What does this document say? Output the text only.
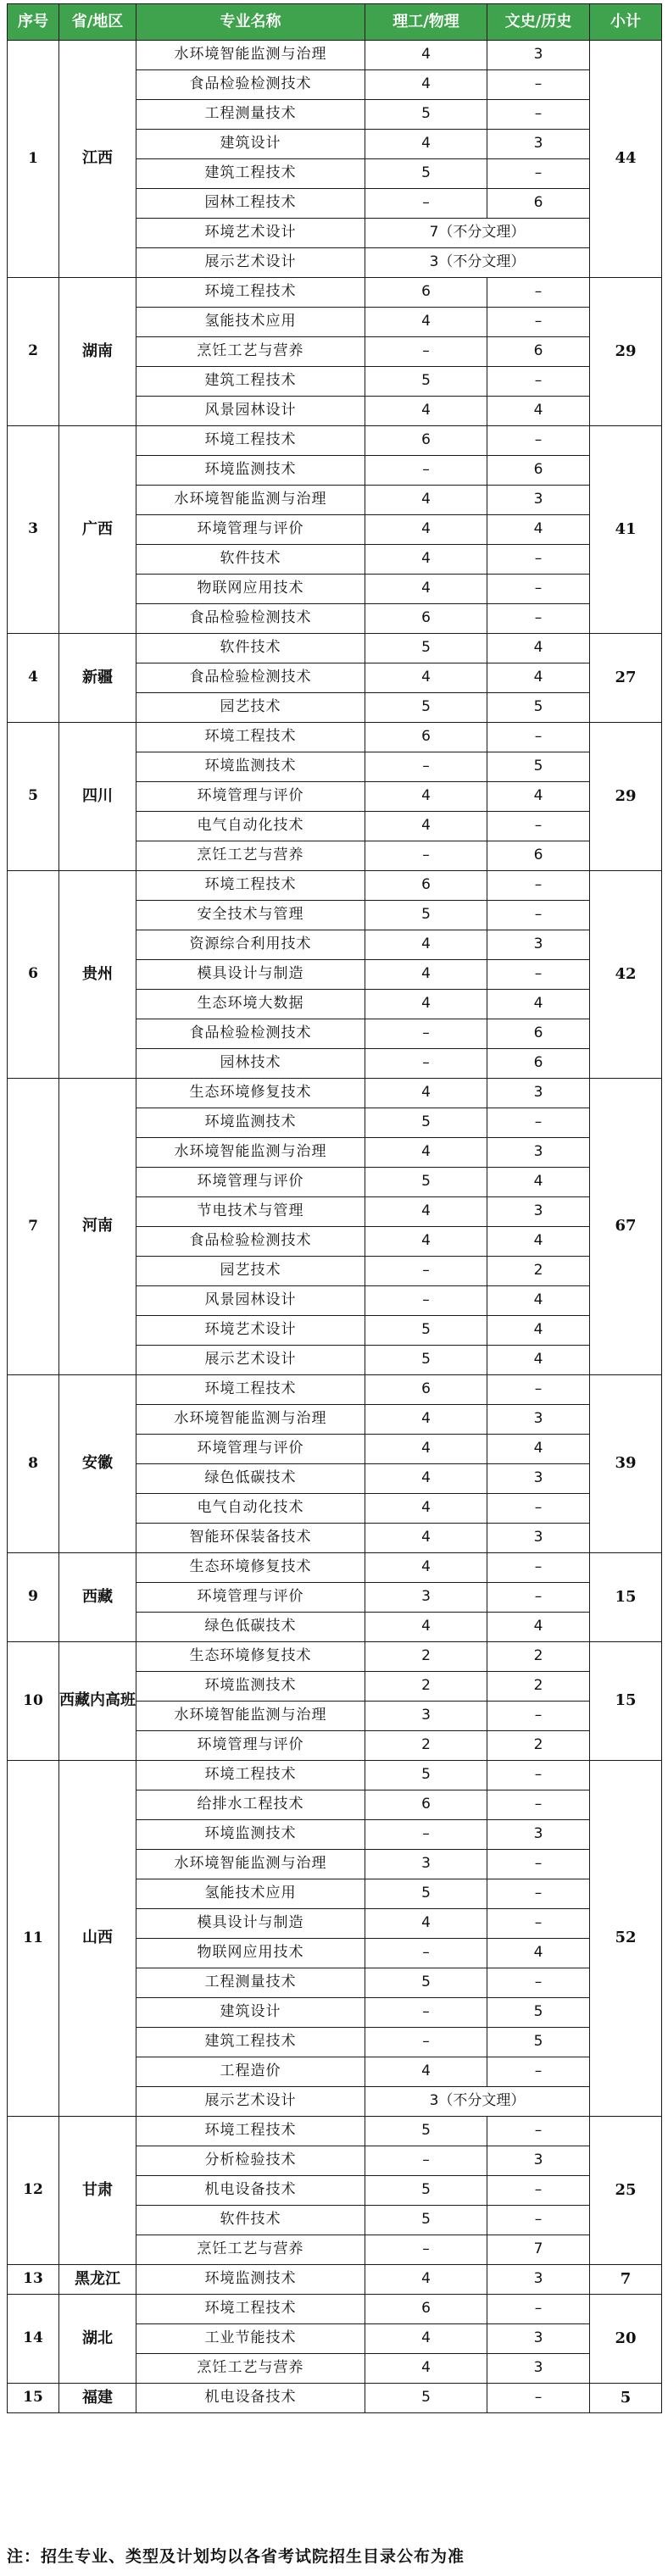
序号	省/地区	专业名称	理工/物理	文史/历史	小计
1	江西	水环境智能监测与治理	4	3	44
		食品检验检测技术	4	–	
		工程测量技术	5	–	
		建筑设计	4	3	
		建筑工程技术	5	–	
		园林工程技术	–	6	
		环境艺术设计	7（不分文理）		
		展示艺术设计	3（不分文理）		
2	湖南	环境工程技术	6	–	29
		氢能技术应用	4	–	
		烹饪工艺与营养	–	6	
		建筑工程技术	5	–	
		风景园林设计	4	4	
3	广西	环境工程技术	6	–	41
		环境监测技术	–	6	
		水环境智能监测与治理	4	3	
		环境管理与评价	4	4	
		软件技术	4	–	
		物联网应用技术	4	–	
		食品检验检测技术	6	–	
4	新疆	软件技术	5	4	27
		食品检验检测技术	4	4	
		园艺技术	5	5	
5	四川	环境工程技术	6	–	29
		环境监测技术	–	5	
		环境管理与评价	4	4	
		电气自动化技术	4	–	
		烹饪工艺与营养	–	6	
6	贵州	环境工程技术	6	–	42
		安全技术与管理	5	–	
		资源综合利用技术	4	3	
		模具设计与制造	4	–	
		生态环境大数据	4	4	
		食品检验检测技术	–	6	
		园林技术	–	6	
7	河南	生态环境修复技术	4	3	67
		环境监测技术	5	–	
		水环境智能监测与治理	4	3	
		环境管理与评价	5	4	
		节电技术与管理	4	3	
		食品检验检测技术	4	4	
		园艺技术	–	2	
		风景园林设计	–	4	
		环境艺术设计	5	4	
		展示艺术设计	5	4	
8	安徽	环境工程技术	6	–	39
		水环境智能监测与治理	4	3	
		环境管理与评价	4	4	
		绿色低碳技术	4	3	
		电气自动化技术	4	–	
		智能环保装备技术	4	3	
9	西藏	生态环境修复技术	4	–	15
		环境管理与评价	3	–	
		绿色低碳技术	4	4	
10	西藏内高班	生态环境修复技术	2	2	15
		环境监测技术	2	2	
		水环境智能监测与治理	3	–	
		环境管理与评价	2	2	
11	山西	环境工程技术	5	–	52
		给排水工程技术	6	–	
		环境监测技术	–	3	
		水环境智能监测与治理	3	–	
		氢能技术应用	5	–	
		模具设计与制造	4	–	
		物联网应用技术	–	4	
		工程测量技术	5	–	
		建筑设计	–	5	
		建筑工程技术	–	5	
		工程造价	4	–	
		展示艺术设计	3（不分文理）		
12	甘肃	环境工程技术	5	–	25
		分析检验技术	–	3	
		机电设备技术	5	–	
		软件技术	5	–	
		烹饪工艺与营养	–	7	
13	黑龙江	环境监测技术	4	3	7
14	湖北	环境工程技术	6	–	20
		工业节能技术	4	3	
		烹饪工艺与营养	4	3	
15	福建	机电设备技术	5	–	5
注：招生专业、类型及计划均以各省考试院招生目录公布为准
